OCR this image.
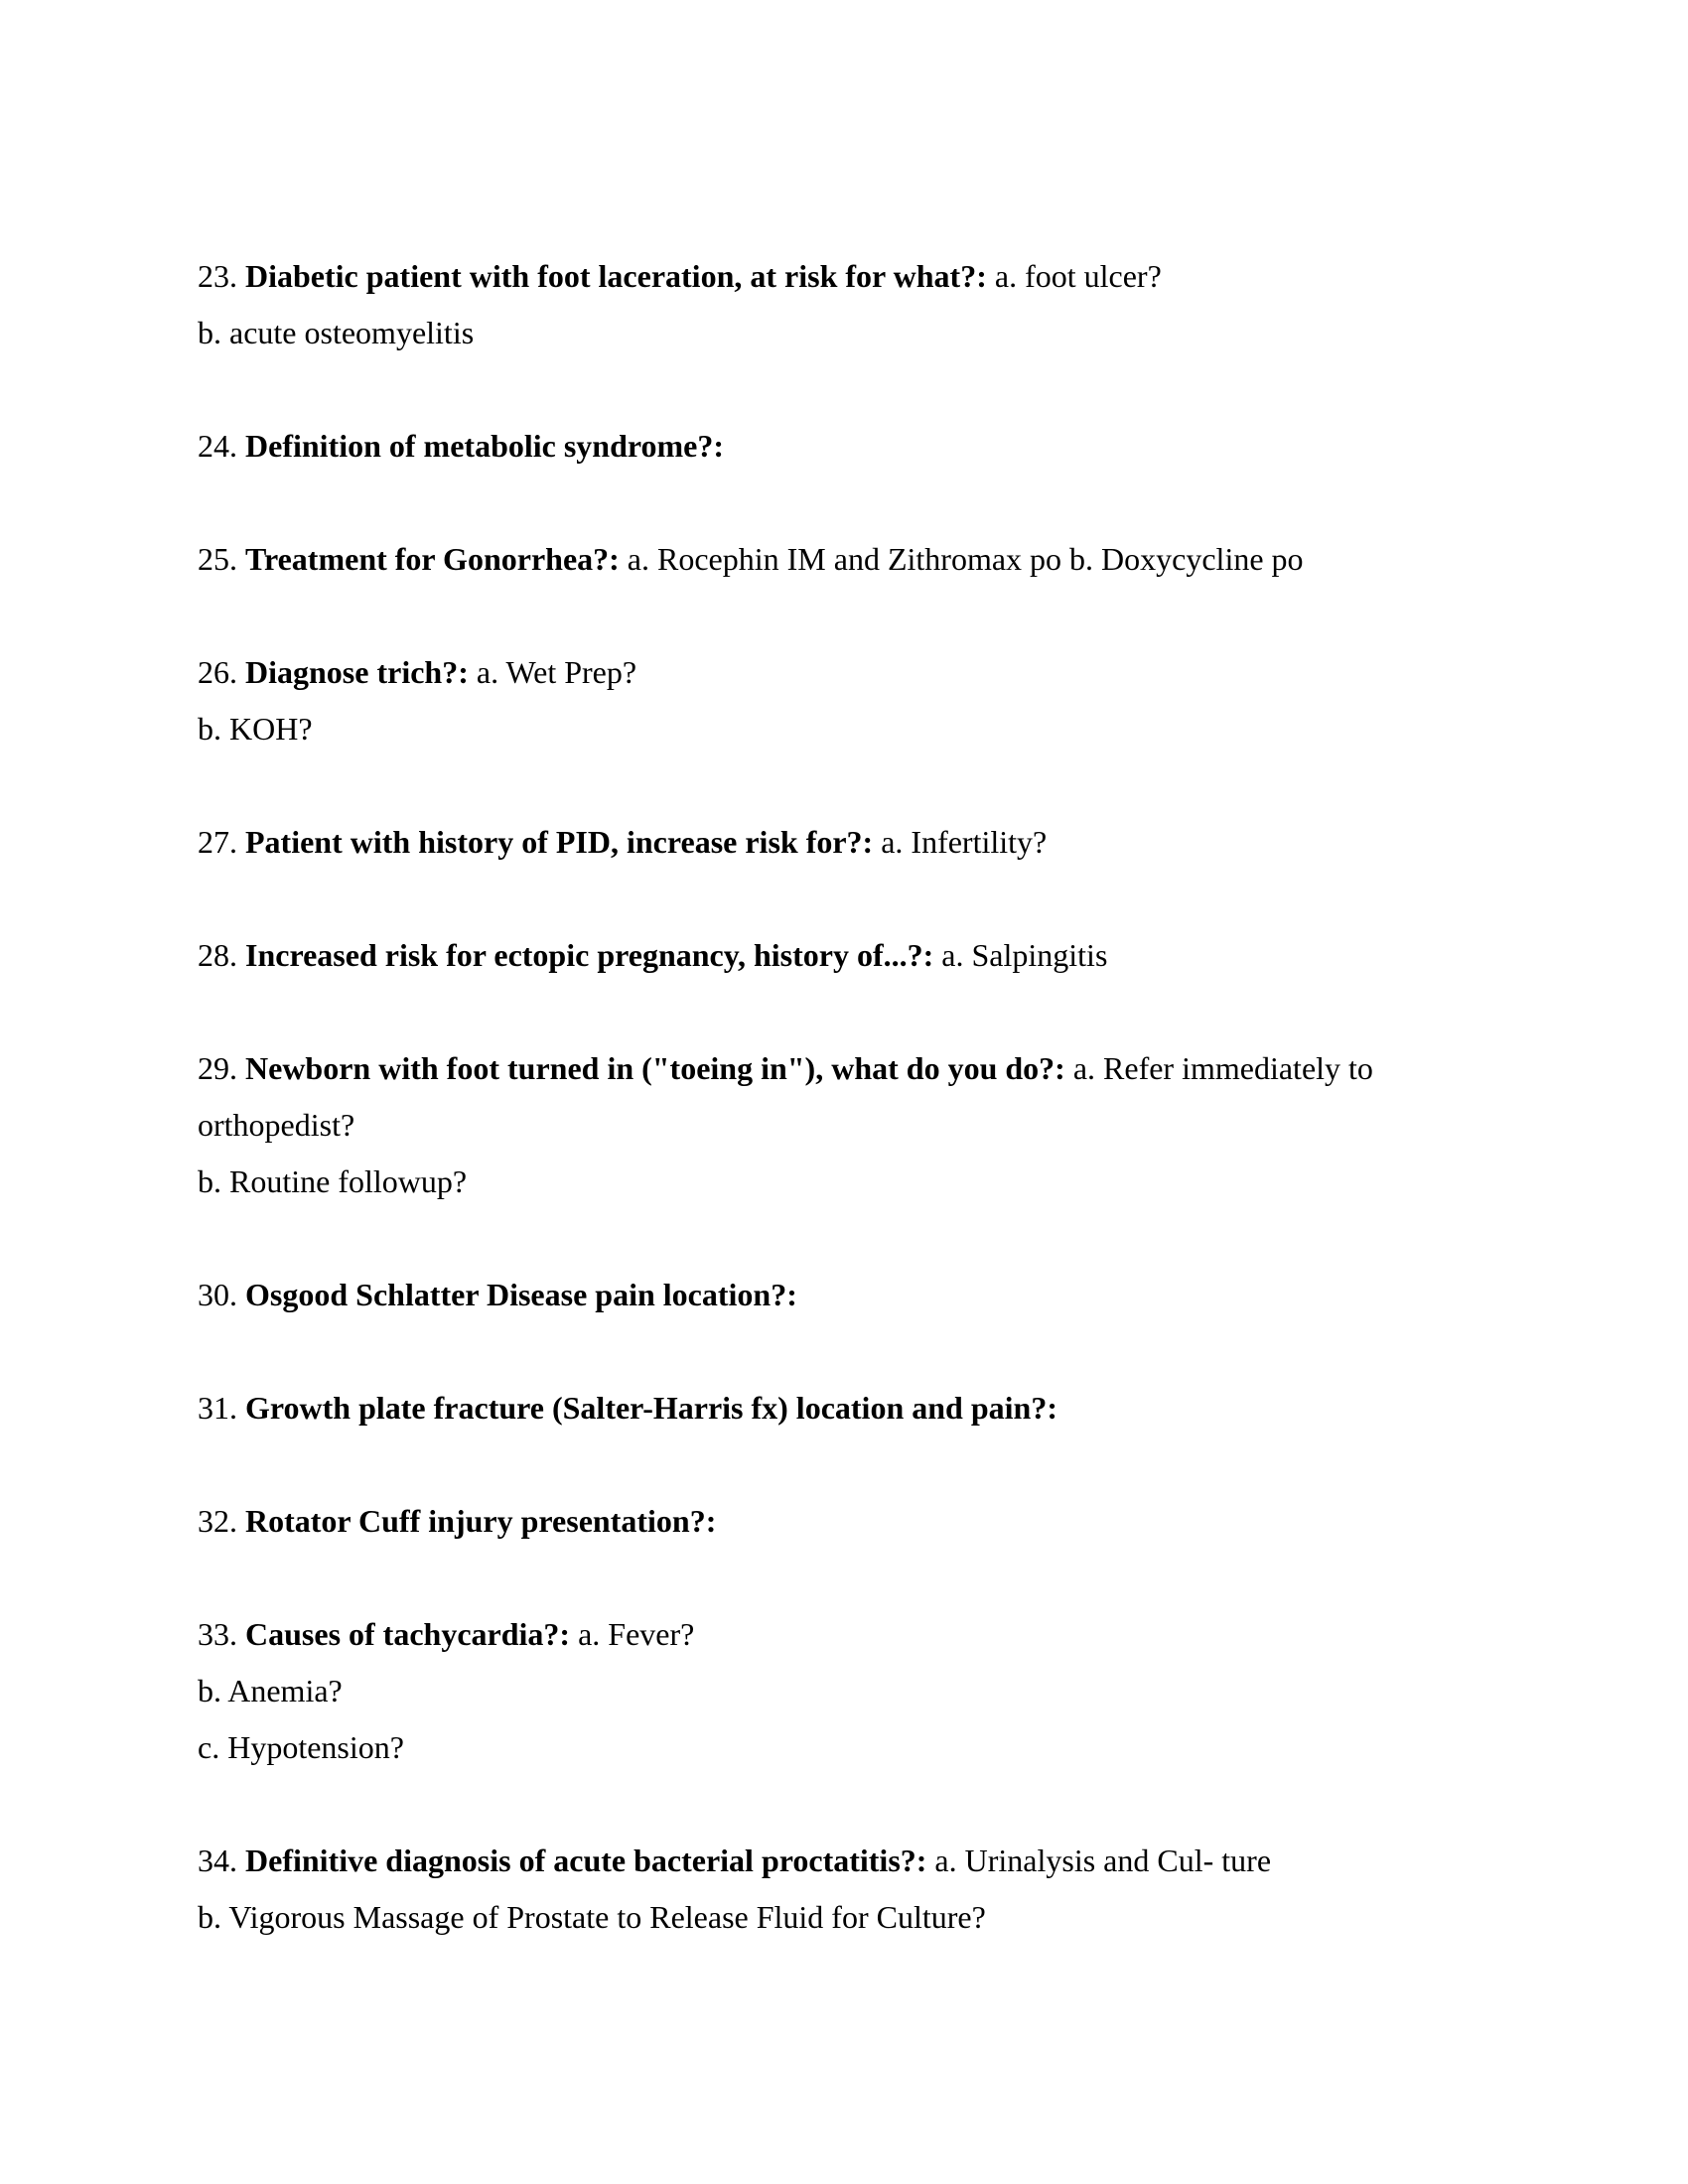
23. Diabetic patient with foot laceration, at risk for what?: a. foot ulcer?

b. acute osteomyelitis

24. Definition of metabolic syndrome?:

25. Treatment for Gonorrhea?: a. Rocephin IM and Zithromax po b. Doxycycline po

26. Diagnose trich?: a. Wet Prep?

b. KOH?

27. Patient with history of PID, increase risk for?: a. Infertility?

28. Increased risk for ectopic pregnancy, history of...?: a. Salpingitis

29. Newborn with foot turned in ("toeing in"), what do you do?: a. Refer immediately to orthopedist?

b. Routine followup?

30. Osgood Schlatter Disease pain location?:

31. Growth plate fracture (Salter-Harris fx) location and pain?:

32. Rotator Cuff injury presentation?:

33. Causes of tachycardia?: a. Fever?

b. Anemia?

c. Hypotension?

34. Definitive diagnosis of acute bacterial proctatitis?: a. Urinalysis and Cul- ture

b. Vigorous Massage of Prostate to Release Fluid for Culture?
